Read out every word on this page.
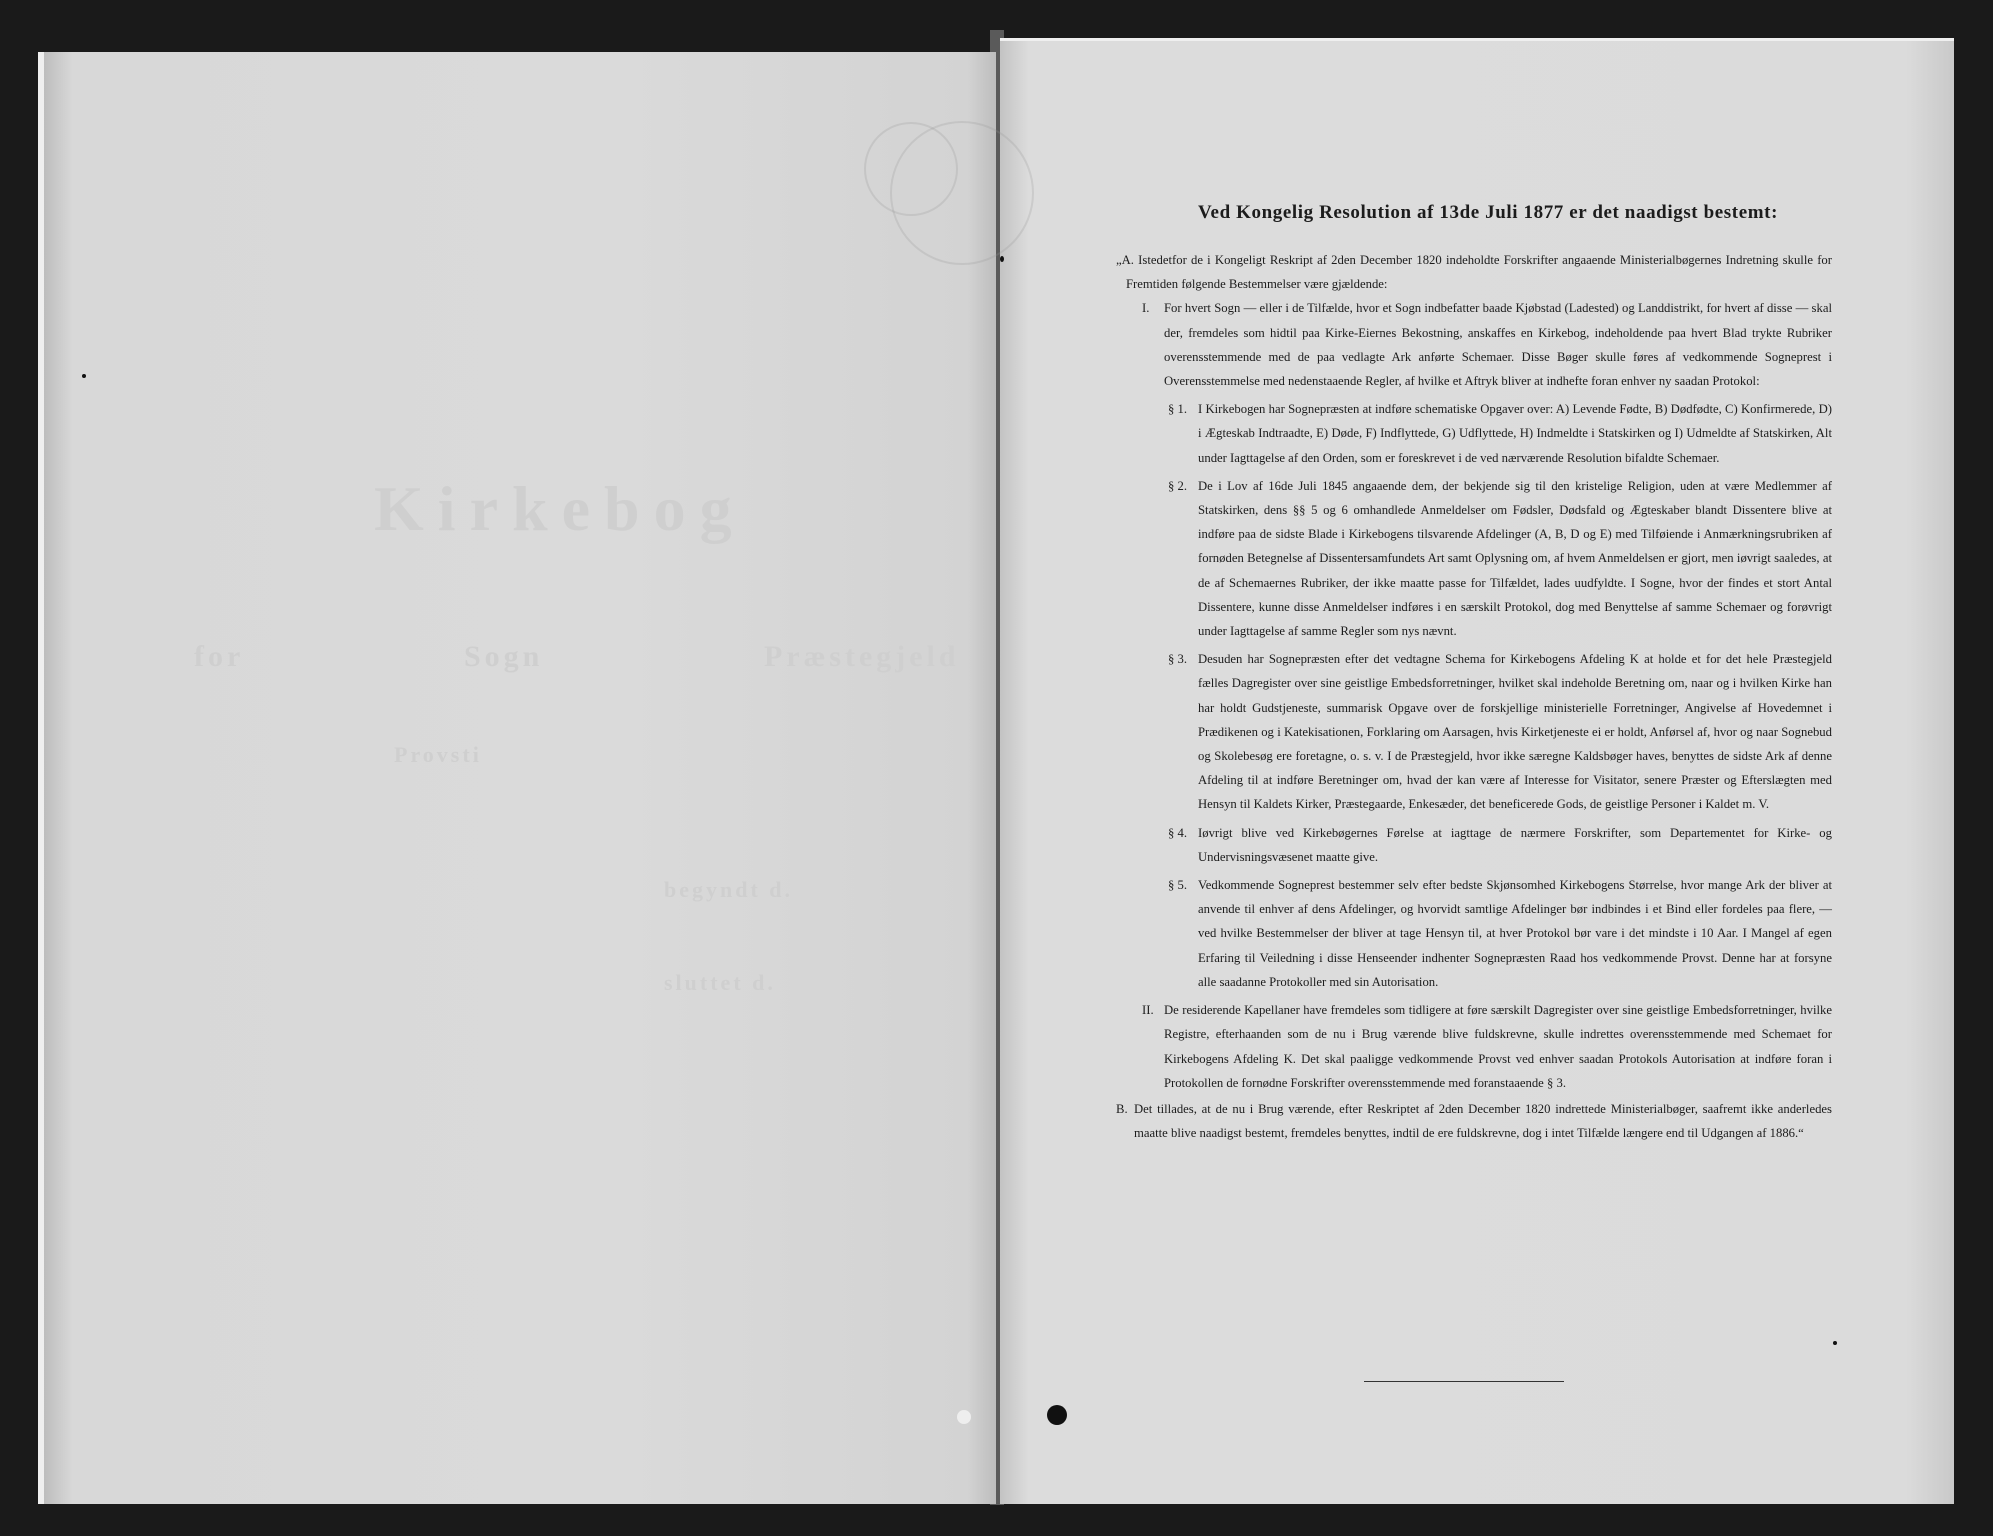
Kirkebog
for	Sogn	Præstegjeld
Provsti
begyndt d.
sluttet d.
Ved Kongelig Resolution af 13de Juli 1877 er det naadigst bestemt:

„A. Istedetfor de i Kongeligt Reskript af 2den December 1820 indeholdte Forskrifter angaaende Ministerialbøgernes Indretning skulle for Fremtiden følgende Bestemmelser være gjældende:

I. For hvert Sogn — eller i de Tilfælde, hvor et Sogn indbefatter baade Kjøbstad (Ladested) og Landdistrikt, for hvert af disse — skal der, fremdeles som hidtil paa Kirke-Eiernes Bekostning, anskaffes en Kirkebog, indeholdende paa hvert Blad trykte Rubriker overensstemmende med de paa vedlagte Ark anførte Schemaer. Disse Bøger skulle føres af vedkommende Sogneprest i Overensstemmelse med nedenstaaende Regler, af hvilke et Aftryk bliver at indhefte foran enhver ny saadan Protokol:
§ 1. I Kirkebogen har Sognepræsten at indføre schematiske Opgaver over: A) Levende Fødte, B) Dødfødte, C) Konfirmerede, D) i Ægteskab Indtraadte, E) Døde, F) Indflyttede, G) Udflyttede, H) Indmeldte i Statskirken og I) Udmeldte af Statskirken, Alt under Iagttagelse af den Orden, som er foreskrevet i de ved nærværende Resolution bifaldte Schemaer.
§ 2. De i Lov af 16de Juli 1845 angaaende dem, der bekjende sig til den kristelige Religion, uden at være Medlemmer af Statskirken, dens §§ 5 og 6 omhandlede Anmeldelser om Fødsler, Dødsfald og Ægteskaber blandt Dissentere blive at indføre paa de sidste Blade i Kirkebogens tilsvarende Afdelinger (A, B, D og E) med Tilføiende i Anmærkningsrubriken af fornøden Betegnelse af Dissentersamfundets Art samt Oplysning om, af hvem Anmeldelsen er gjort, men iøvrigt saaledes, at de af Schemaernes Rubriker, der ikke maatte passe for Tilfældet, lades uudfyldte. I Sogne, hvor der findes et stort Antal Dissentere, kunne disse Anmeldelser indføres i en særskilt Protokol, dog med Benyttelse af samme Schemaer og forøvrigt under Iagttagelse af samme Regler som nys nævnt.
§ 3. Desuden har Sognepræsten efter det vedtagne Schema for Kirkebogens Afdeling K at holde et for det hele Præstegjeld fælles Dagregister over sine geistlige Embedsforretninger, hvilket skal indeholde Beretning om, naar og i hvilken Kirke han har holdt Gudstjeneste, summarisk Opgave over de forskjellige ministerielle Forretninger, Angivelse af Hovedemnet i Prædikenen og i Katekisationen, Forklaring om Aarsagen, hvis Kirketjeneste ei er holdt, Anførsel af, hvor og naar Sognebud og Skolebesøg ere foretagne, o. s. v. I de Præstegjeld, hvor ikke særegne Kaldsbøger haves, benyttes de sidste Ark af denne Afdeling til at indføre Beretninger om, hvad der kan være af Interesse for Visitator, senere Præster og Efterslægten med Hensyn til Kaldets Kirker, Præstegaarde, Enkesæder, det beneficerede Gods, de geistlige Personer i Kaldet m. V.
§ 4. Iøvrigt blive ved Kirkebøgernes Førelse at iagttage de nærmere Forskrifter, som Departementet for Kirke- og Undervisningsvæsenet maatte give.
§ 5. Vedkommende Sogneprest bestemmer selv efter bedste Skjønsomhed Kirkebogens Størrelse, hvor mange Ark der bliver at anvende til enhver af dens Afdelinger, og hvorvidt samtlige Afdelinger bør indbindes i et Bind eller fordeles paa flere, — ved hvilke Bestemmelser der bliver at tage Hensyn til, at hver Protokol bør vare i det mindste i 10 Aar. I Mangel af egen Erfaring til Veiledning i disse Henseender indhenter Sognepræsten Raad hos vedkommende Provst. Denne har at forsyne alle saadanne Protokoller med sin Autorisation.
II. De residerende Kapellaner have fremdeles som tidligere at føre særskilt Dagregister over sine geistlige Embedsforretninger, hvilke Registre, efterhaanden som de nu i Brug værende blive fuldskrevne, skulle indrettes overensstemmende med Schemaet for Kirkebogens Afdeling K. Det skal paaligge vedkommende Provst ved enhver saadan Protokols Autorisation at indføre foran i Protokollen de fornødne Forskrifter overensstemmende med foranstaaende § 3.
B. Det tillades, at de nu i Brug værende, efter Reskriptet af 2den December 1820 indrettede Ministerialbøger, saafremt ikke anderledes maatte blive naadigst bestemt, fremdeles benyttes, indtil de ere fuldskrevne, dog i intet Tilfælde længere end til Udgangen af 1886.“
